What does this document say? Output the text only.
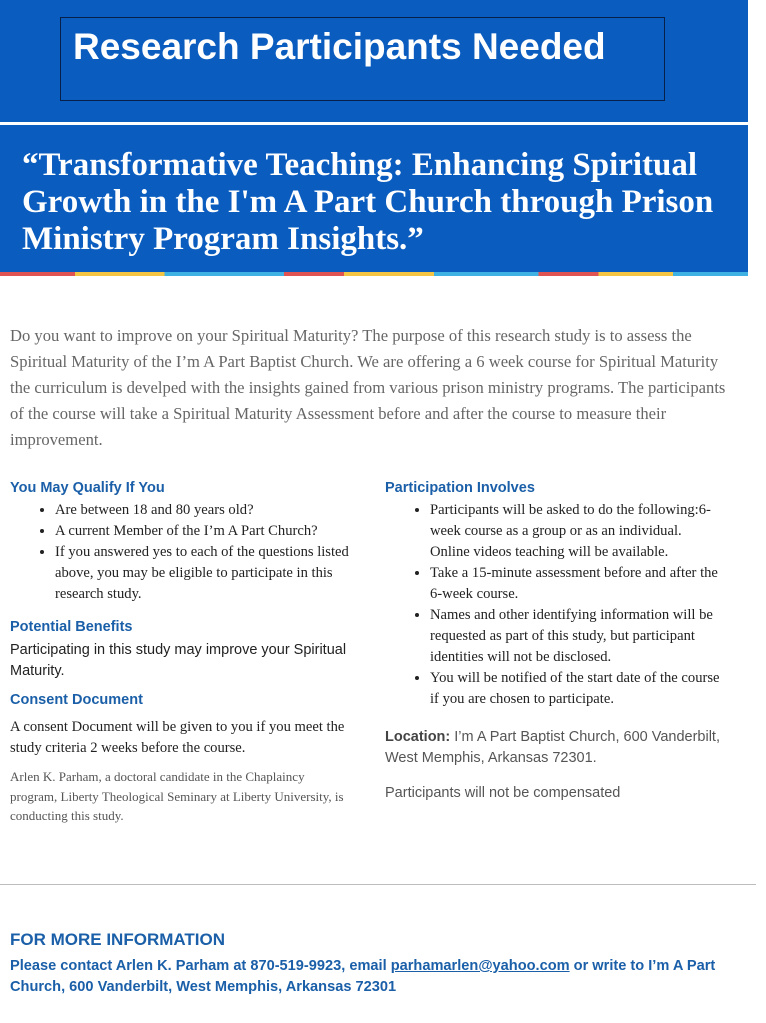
Research Participants Needed
“Transformative Teaching: Enhancing Spiritual Growth in the I'm A Part Church through Prison Ministry Program Insights.”

Do you want to improve on your Spiritual Maturity? The purpose of this research study is to assess the Spiritual Maturity of the I’m A Part Baptist Church. We are offering a 6 week course for Spiritual Maturity the curriculum is develped with the insights gained from various prison ministry programs. The participants of the course will take a Spiritual Maturity Assessment before and after the course to measure their improvement.

You May Qualify If You
• Are between 18 and 80 years old?
• A current Member of the I’m A Part Church?
• If you answered yes to each of the questions listed above, you may be eligible to participate in this research study.
Potential Benefits

Participating in this study may improve your Spiritual Maturity.

Consent Document

A consent Document will be given to you if you meet the study criteria 2 weeks before the course.

Arlen K. Parham, a doctoral candidate in the Chaplaincy program, Liberty Theological Seminary at Liberty University, is conducting this study.

Participation Involves
• Participants will be asked to do the following:6-week course as a group or as an individual. Online videos teaching will be available.
• Take a 15-minute assessment before and after the 6-week course.
• Names and other identifying information will be requested as part of this study, but participant identities will not be disclosed.
• You will be notified of the start date of the course if you are chosen to participate.

Location: I’m A Part Baptist Church, 600 Vanderbilt, West Memphis, Arkansas 72301.

Participants will not be compensated

FOR MORE INFORMATION

Please contact Arlen K. Parham at 870-519-9923, email parhamarlen@yahoo.com or write to I’m A Part Church, 600 Vanderbilt, West Memphis, Arkansas 72301
